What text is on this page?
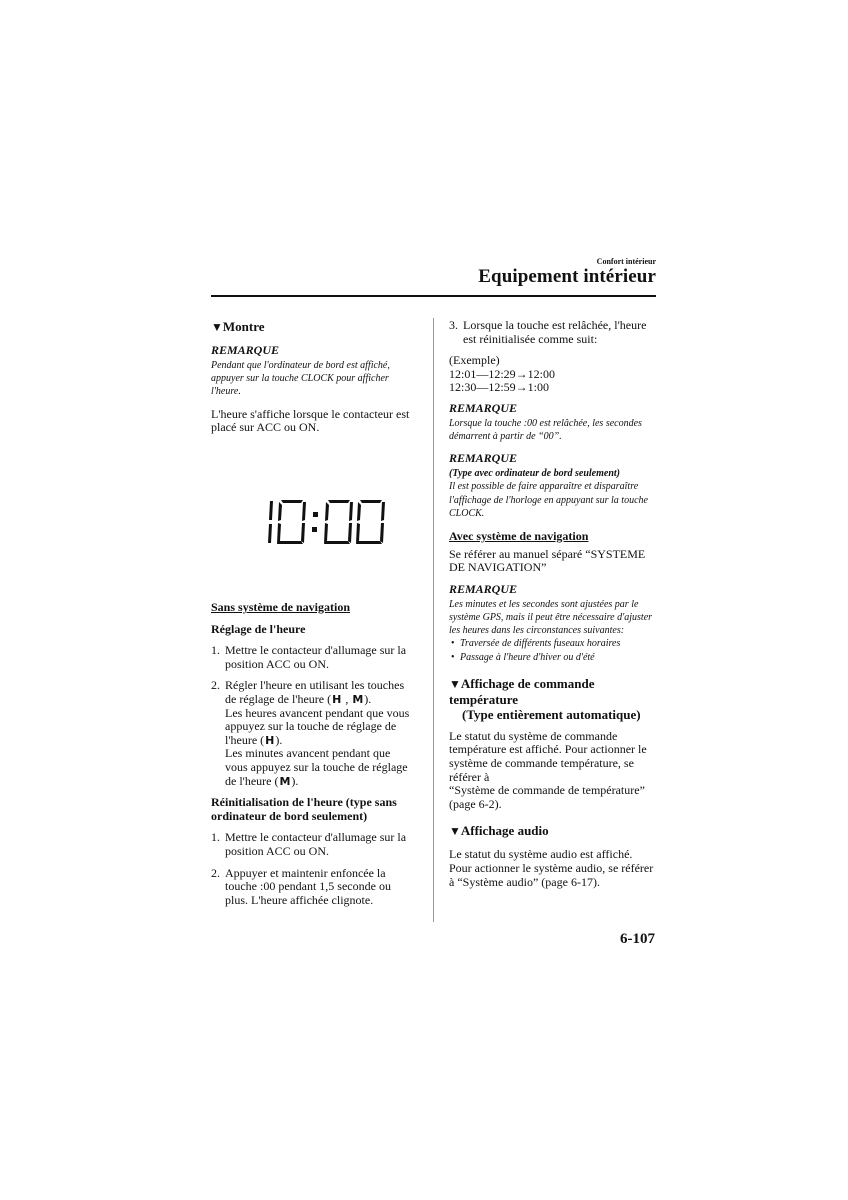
Confort intérieur
Equipement intérieur
▼Montre
REMARQUE

Pendant que l'ordinateur de bord est affiché, appuyer sur la touche CLOCK pour afficher l'heure.

L'heure s'affiche lorsque le contacteur est placé sur ACC ou ON.

10:00
Sans système de navigation
Réglage de l'heure
1. Mettre le contacteur d'allumage sur la position ACC ou ON.
2. Régler l'heure en utilisant les touches de réglage de l'heure (H , M).
Les heures avancent pendant que vous appuyez sur la touche de réglage de l'heure (H).
Les minutes avancent pendant que vous appuyez sur la touche de réglage de l'heure (M).
Réinitialisation de l'heure (type sans ordinateur de bord seulement)
1. Mettre le contacteur d'allumage sur la position ACC ou ON.
2. Appuyer et maintenir enfoncée la touche :00 pendant 1,5 seconde ou plus. L'heure affichée clignote.
3. Lorsque la touche est relâchée, l'heure est réinitialisée comme suit:

(Exemple)

12:01—12:29→12:00

12:30—12:59→1:00

REMARQUE

Lorsque la touche :00 est relâchée, les secondes démarrent à partir de “00”.

REMARQUE

(Type avec ordinateur de bord seulement)

Il est possible de faire apparaître et disparaître l'affichage de l'horloge en appuyant sur la touche CLOCK.

Avec système de navigation

Se référer au manuel séparé “SYSTEME DE NAVIGATION”

REMARQUE

Les minutes et les secondes sont ajustées par le système GPS, mais il peut être nécessaire d'ajuster les heures dans les circonstances suivantes:

• Traversée de différents fuseaux horaires
• Passage à l'heure d'hiver ou d'été
▼Affichage de commande température
(Type entièrement automatique)

Le statut du système de commande température est affiché. Pour actionner le système de commande température, se référer à

“Système de commande de température” (page 6-2).

▼Affichage audio

Le statut du système audio est affiché. Pour actionner le système audio, se référer à “Système audio” (page 6-17).

6-107
